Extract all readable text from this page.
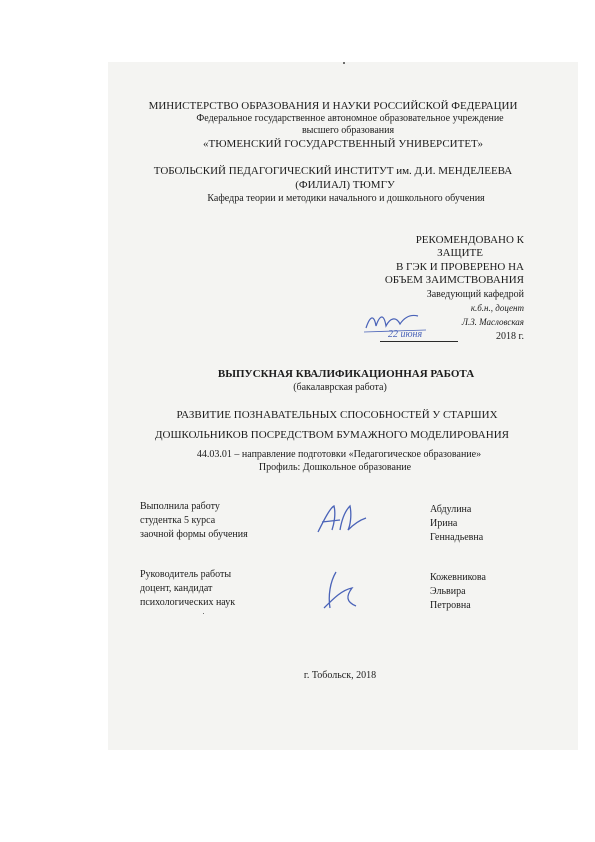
МИНИСТЕРСТВО ОБРАЗОВАНИЯ И НАУКИ РОССИЙСКОЙ ФЕДЕРАЦИИ
Федеральное государственное автономное образовательное учреждение
высшего образования
«ТЮМЕНСКИЙ ГОСУДАРСТВЕННЫЙ УНИВЕРСИТЕТ»
ТОБОЛЬСКИЙ ПЕДАГОГИЧЕСКИЙ ИНСТИТУТ им. Д.И. МЕНДЕЛЕЕВА
(ФИЛИАЛ) ТЮМГУ
Кафедра теории и методики начального и дошкольного обучения
РЕКОМЕНДОВАНО К
ЗАЩИТЕ
В ГЭК И ПРОВЕРЕНО НА
ОБЪЕМ ЗАИМСТВОВАНИЯ
Заведующий кафедрой
к.б.н., доцент
Л.З. Масловская
22 июня	2018 г.
ВЫПУСКНАЯ КВАЛИФИКАЦИОННАЯ РАБОТА
(бакалаврская работа)
РАЗВИТИЕ ПОЗНАВАТЕЛЬНЫХ СПОСОБНОСТЕЙ У СТАРШИХ
ДОШКОЛЬНИКОВ ПОСРЕДСТВОМ БУМАЖНОГО МОДЕЛИРОВАНИЯ
44.03.01 – направление подготовки «Педагогическое образование»
Профиль: Дошкольное образование
Выполнила работу
студентка 5 курса
заочной формы обучения
Абдулина
Ирина
Геннадьевна
Руководитель работы
доцент, кандидат
психологических наук
Кожевникова
Эльвира
Петровна
г. Тобольск, 2018
